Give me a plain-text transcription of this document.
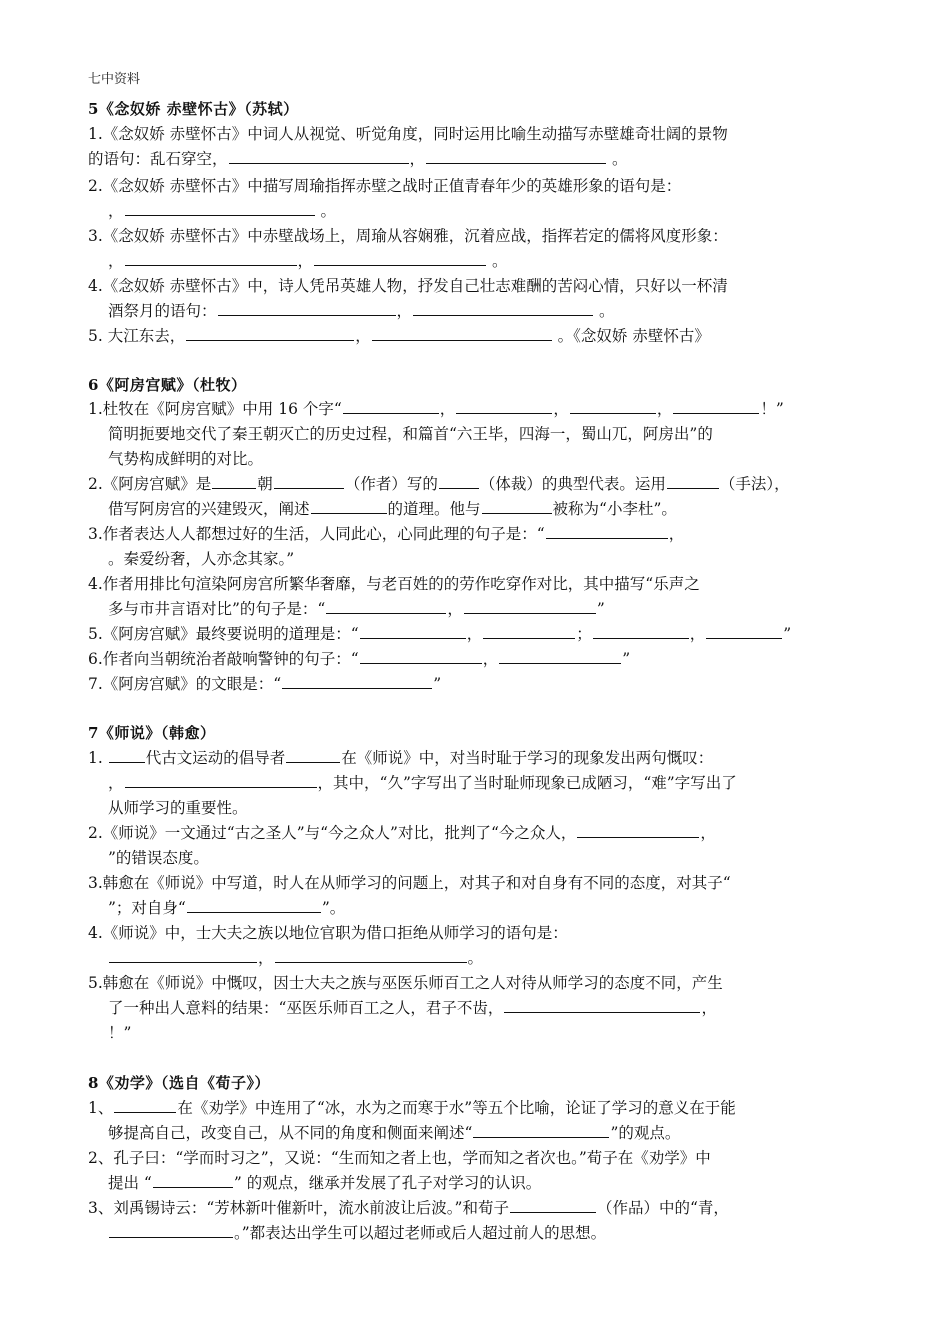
七中资料
5《念奴娇 赤壁怀古》（苏轼）
1.《念奴娇 赤壁怀古》中词人从视觉、听觉角度，同时运用比喻生动描写赤壁雄奇壮阔的景物
的语句：乱石穿空，	，	。
2.《念奴娇 赤壁怀古》中描写周瑜指挥赤壁之战时正值青春年少的英雄形象的语句是：
，	。
3.《念奴娇 赤壁怀古》中赤壁战场上，周瑜从容娴雅，沉着应战，指挥若定的儒将风度形象：
，	，	。
4.《念奴娇 赤壁怀古》中，诗人凭吊英雄人物，抒发自己壮志难酬的苦闷心情，只好以一杯清
酒祭月的语句：	，	。
5. 大江东去，	，	。《念奴娇 赤壁怀古》
6《阿房宫赋》（杜牧）
1.杜牧在《阿房宫赋》中用 16 个字“	，	，	，	！”
简明扼要地交代了秦王朝灭亡的历史过程，和篇首“六王毕，四海一，蜀山兀，阿房出”的
气势构成鲜明的对比。
2.《阿房宫赋》是	朝	（作者）写的	（体裁）的典型代表。运用	（手法），
借写阿房宫的兴建毁灭，阐述	的道理。他与	被称为“小李杜”。
3.作者表达人人都想过好的生活，人同此心，心同此理的句子是：“	，
。秦爱纷奢，人亦念其家。”
4.作者用排比句渲染阿房宫所繁华奢靡，与老百姓的的劳作吃穿作对比，其中描写“乐声之
多与市井言语对比”的句子是：“	，	”
5.《阿房宫赋》最终要说明的道理是：“	，	；	，	”
6.作者向当朝统治者敲响警钟的句子：“	，	”
7.《阿房宫赋》的文眼是：“	”
7《师说》（韩愈）
1.	代古文运动的倡导者	在《师说》中，对当时耻于学习的现象发出两句慨叹：
，	，其中，“久”字写出了当时耻师现象已成陋习，“难”字写出了
从师学习的重要性。
2.《师说》一文通过“古之圣人”与“今之众人”对比，批判了“今之众人，	，
”的错误态度。
3.韩愈在《师说》中写道，时人在从师学习的问题上，对其子和对自身有不同的态度，对其子“
”；对自身“	”。
4.《师说》中，士大夫之族以地位官职为借口拒绝从师学习的语句是：
，	。
5.韩愈在《师说》中慨叹，因士大夫之族与巫医乐师百工之人对待从师学习的态度不同，产生
了一种出人意料的结果：“巫医乐师百工之人，君子不齿，	，
！”
8《劝学》（选自《荀子》）
1、	在《劝学》中连用了“冰，水为之而寒于水”等五个比喻，论证了学习的意义在于能
够提高自己，改变自己，从不同的角度和侧面来阐述“	”的观点。
2、孔子曰：“学而时习之”，又说：“生而知之者上也，学而知之者次也。”荀子在《劝学》中
提出 “	” 的观点，继承并发展了孔子对学习的认识。
3、刘禹锡诗云：“芳林新叶催新叶，流水前波让后波。”和荀子	（作品）中的“青，
。”都表达出学生可以超过老师或后人超过前人的思想。
